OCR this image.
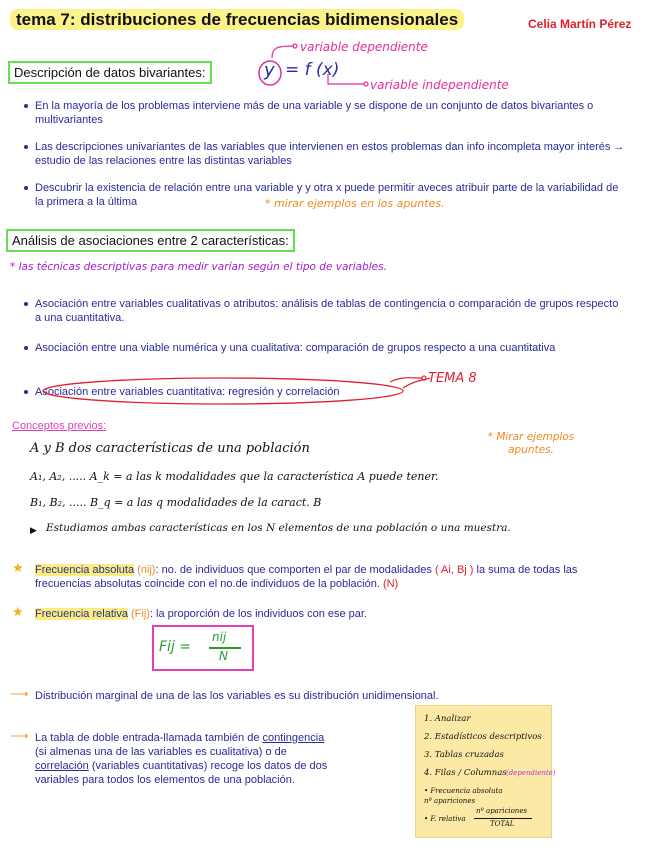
tema 7: distribuciones de frecuencias bidimensionales	Celia Martín Pérez
Descripción de datos bivariantes:	y = f (x)
variable dependiente
variable independiente
En la mayoría de los problemas interviene más de una variable y se dispone de un conjunto de datos bivariantes o multivariantes
Las descripciones univariantes de las variables que intervienen en estos problemas dan info incompleta mayor interés → estudio de las relaciones entre las distintas variables
Descubrir la existencia de relación entre una variable y y otra x puede permitir aveces atribuir parte de la variabilidad de la primera a la última	* mirar ejemplos en los apuntes.
Análisis de asociaciones entre 2 características:
* las técnicas descriptivas para medir varían según el tipo de variables.
Asociación entre variables cualitativas o atributos: análisis de tablas de contingencia o comparación de grupos respecto a una cuantitativa.
Asociación entre una viable numérica y una cualitativa: comparación de grupos respecto a una cuantitativa
Asociación entre variables cuantitativa: regresión y correlación
TEMA 8
Conceptos previos:
* Mirar ejemplos apuntes.
A y B dos características de una población
A₁, A₂, ..... A_k = a las k modalidades que la característica A puede tener.
B₁, B₂, ..... B_q = a las q modalidades de la caract. B
▶ Estudiamos ambas características en los N elementos de una población o una muestra.
★ Frecuencia absoluta (nij): no. de individuos que comporten el par de modalidades ( Ai, Bj ) la suma de todas las frecuencias absolutas coincide con el no.de individuos de la población. (N)
★ Frecuencia relativa (Fij): la proporción de los individuos con ese par.
Fij =
nij
N
⟶ Distribución marginal de una de las los variables es su distribución unidimensional.
⟶ La tabla de doble entrada-llamada también de contingencia (si almenas una de las variables es cualitativa) o de correlación (variables cuantitativas) recoge los datos de dos variables para todos los elementos de una población.
1. Analizar
2. Estadísticos descriptivos
3. Tablas cruzadas
4. Filas / Columnas (dependiente)
• Frecuencia absoluta
nº apariciones
• F. relativa
nº apariciones
TOTAL
